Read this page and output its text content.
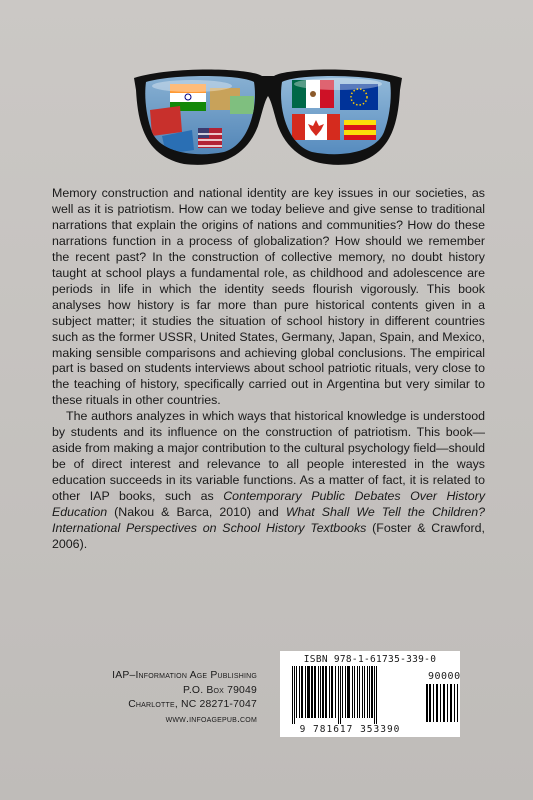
Memory construction and national identity are key issues in our societies, as well as it is patriotism. How can we today believe and give sense to traditional narrations that explain the origins of nations and communities? How do these narrations function in a process of globalization? How should we remember the recent past? In the construction of collective memory, no doubt history taught at school plays a fundamental role, as childhood and adolescence are periods in life in which the identity seeds flourish vigorously. This book analyses how history is far more than pure historical contents given in a subject matter; it studies the situation of school history in different countries such as the former USSR, United States, Germany, Japan, Spain, and Mexico, making sensible comparisons and achieving global conclusions. The empirical part is based on students interviews about school patriotic rituals, very close to the teaching of history, specifically carried out in Argentina but very similar to these rituals in other countries.

The authors analyzes in which ways that historical knowledge is understood by students and its influence on the construction of patriotism. This book—aside from making a major contribution to the cultural psychology field—should be of direct interest and relevance to all people interested in the ways education succeeds in its variable functions. As a matter of fact, it is related to other IAP books, such as Contemporary Public Debates Over History Education (Nakou & Barca, 2010) and What Shall We Tell the Children? International Perspectives on School History Textbooks (Foster & Crawford, 2006).

IAP–Information Age Publishing
P.O. Box 79049
Charlotte, NC 28271-7047
www.infoagepub.com
ISBN 978-1-61735-339-0
90000
9 781617 353390
